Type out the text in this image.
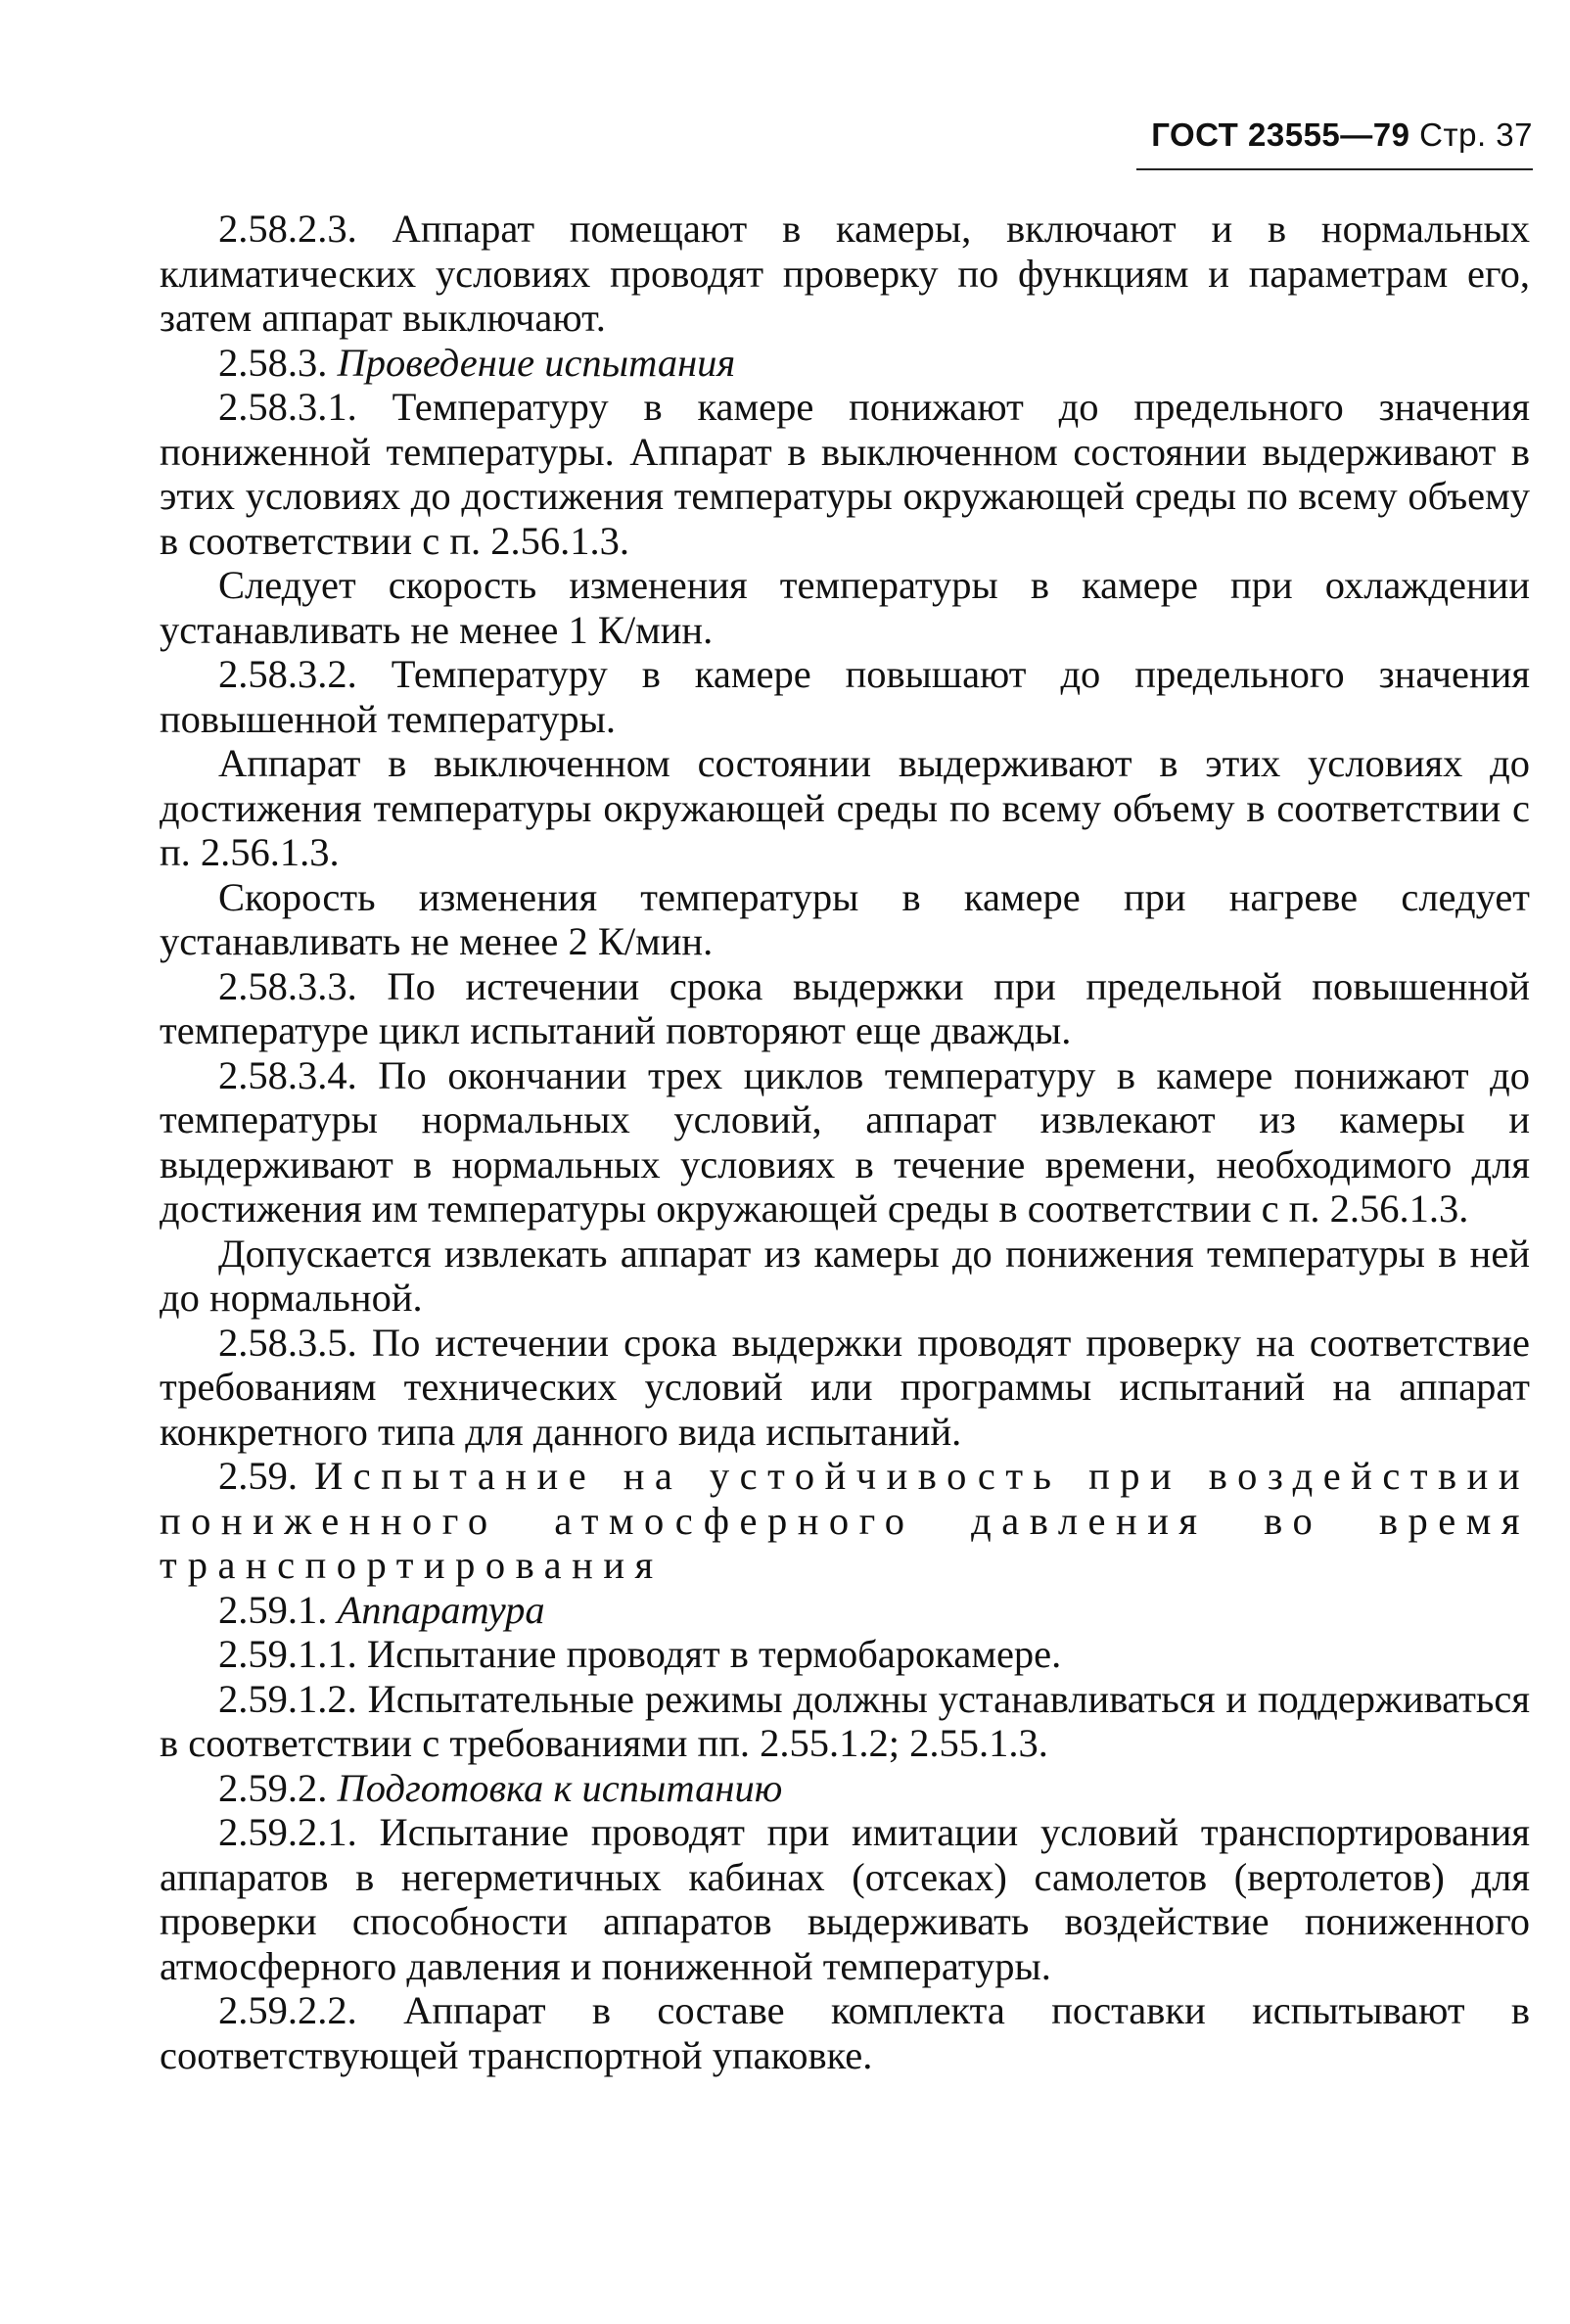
ГОСТ 23555—79 Стр. 37

2.58.2.3. Аппарат помещают в камеры, включают и в нормальных климатических условиях проводят проверку по функциям и параметрам его, затем аппарат выключают.

2.58.3. Проведение испытания

2.58.3.1. Температуру в камере понижают до предельного значения пониженной температуры. Аппарат в выключенном состоянии выдерживают в этих условиях до достижения температуры окружающей среды по всему объему в соответствии с п. 2.56.1.3.

Следует скорость изменения температуры в камере при охлаждении устанавливать не менее 1 К/мин.

2.58.3.2. Температуру в камере повышают до предельного значения повышенной температуры.

Аппарат в выключенном состоянии выдерживают в этих условиях до достижения температуры окружающей среды по всему объему в соответствии с п. 2.56.1.3.

Скорость изменения температуры в камере при нагреве следует устанавливать не менее 2 К/мин.

2.58.3.3. По истечении срока выдержки при предельной повышенной температуре цикл испытаний повторяют еще дважды.

2.58.3.4. По окончании трех циклов температуру в камере понижают до температуры нормальных условий, аппарат извлекают из камеры и выдерживают в нормальных условиях в течение времени, необходимого для достижения им температуры окружающей среды в соответствии с п. 2.56.1.3.

Допускается извлекать аппарат из камеры до понижения температуры в ней до нормальной.

2.58.3.5. По истечении срока выдержки проводят проверку на соответствие требованиям технических условий или программы испытаний на аппарат конкретного типа для данного вида испытаний.

2.59. Испытание на устойчивость при воздействии пониженного атмосферного давления во время транспортирования

2.59.1. Аппаратура

2.59.1.1. Испытание проводят в термобарокамере.

2.59.1.2. Испытательные режимы должны устанавливаться и поддерживаться в соответствии с требованиями пп. 2.55.1.2; 2.55.1.3.

2.59.2. Подготовка к испытанию

2.59.2.1. Испытание проводят при имитации условий транспортирования аппаратов в негерметичных кабинах (отсеках) самолетов (вертолетов) для проверки способности аппаратов выдерживать воздействие пониженного атмосферного давления и пониженной температуры.

2.59.2.2. Аппарат в составе комплекта поставки испытывают в соответствующей транспортной упаковке.
